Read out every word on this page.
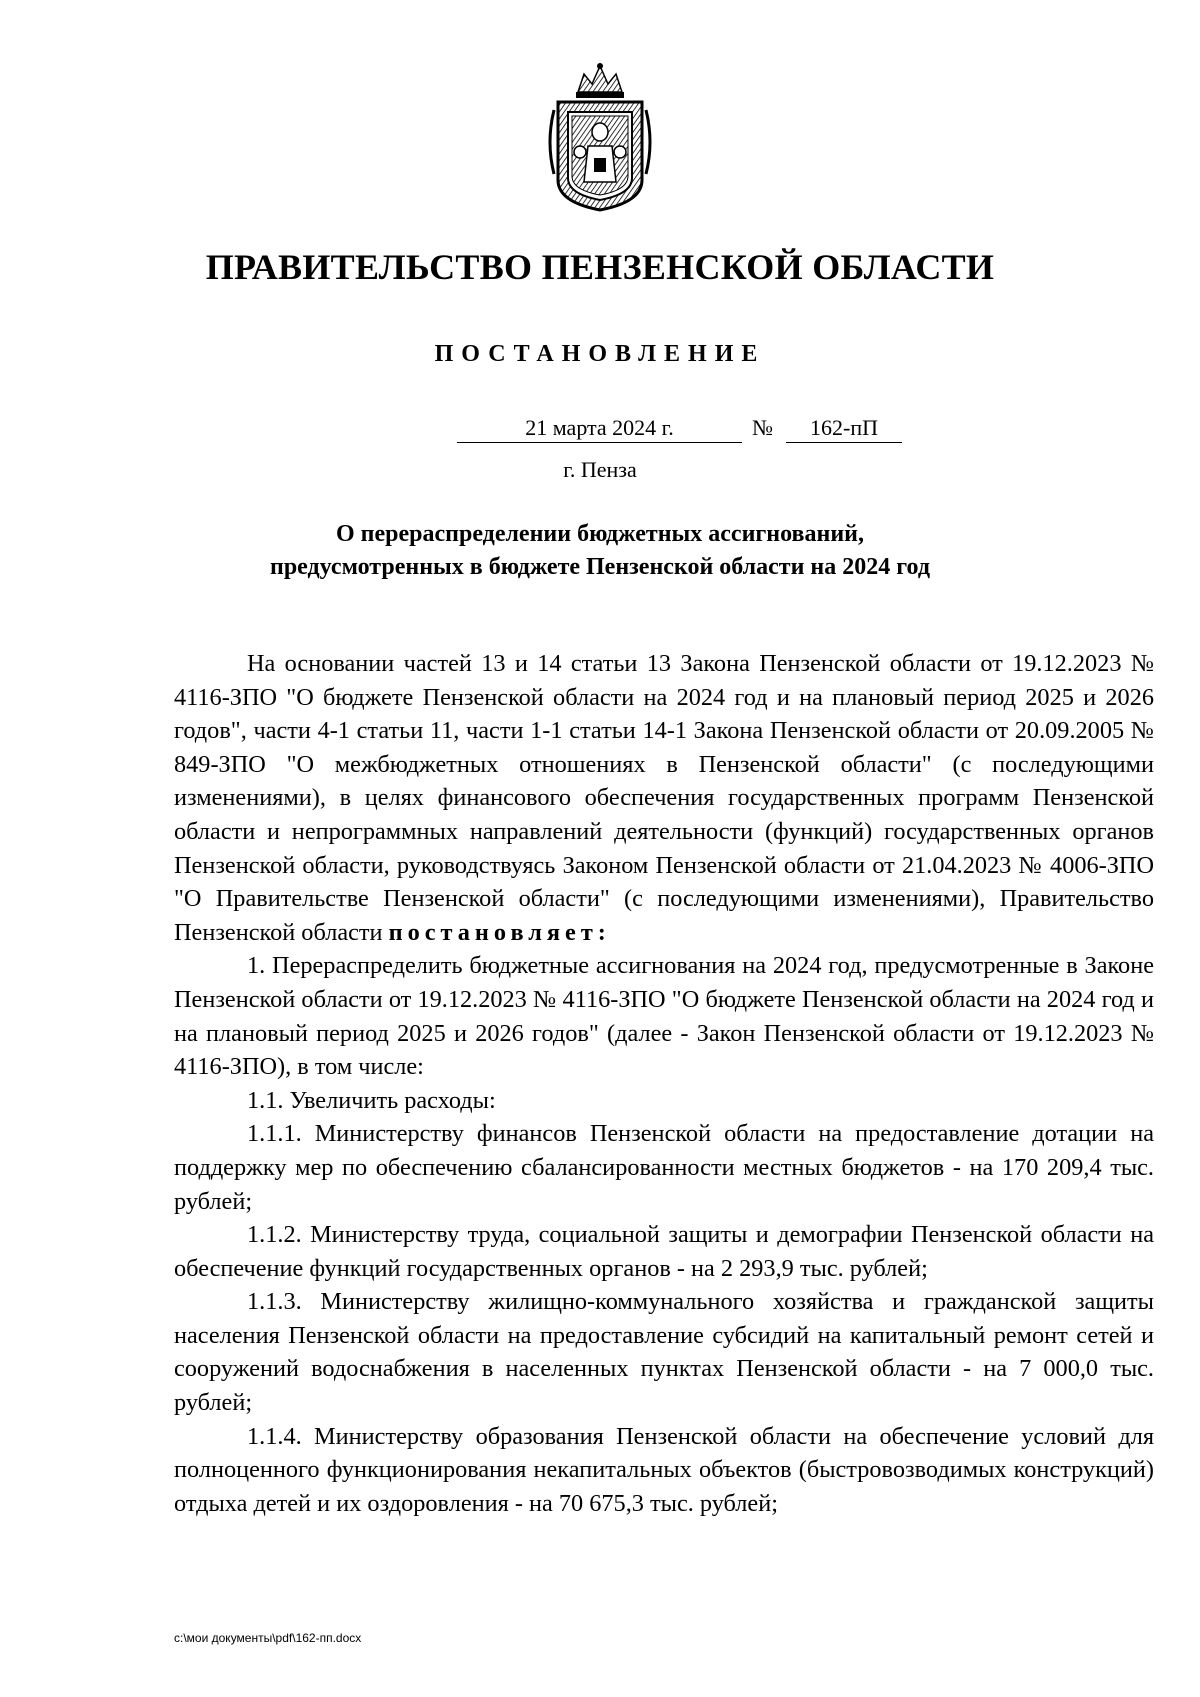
ПРАВИТЕЛЬСТВО ПЕНЗЕНСКОЙ ОБЛАСТИ
ПОСТАНОВЛЕНИЕ
21 марта 2024 г.	№	162-пП
г. Пенза
О перераспределении бюджетных ассигнований,
предусмотренных в бюджете Пензенской области на 2024 год

На основании частей 13 и 14 статьи 13 Закона Пензенской области от 19.12.2023 № 4116-ЗПО "О бюджете Пензенской области на 2024 год и на плановый период 2025 и 2026 годов", части 4-1 статьи 11, части 1-1 статьи 14-1 Закона Пензенской области от 20.09.2005 № 849-ЗПО "О межбюджетных отношениях в Пензенской области" (с последующими изменениями), в целях финансового обеспечения государственных программ Пензенской области и непрограммных направлений деятельности (функций) государственных органов Пензенской области, руководствуясь Законом Пензенской области от 21.04.2023 № 4006-ЗПО "О Правительстве Пензенской области" (с последующими изменениями), Правительство Пензенской области постановляет:

1. Перераспределить бюджетные ассигнования на 2024 год, предусмотренные в Законе Пензенской области от 19.12.2023 № 4116-ЗПО "О бюджете Пензенской области на 2024 год и на плановый период 2025 и 2026 годов" (далее - Закон Пензенской области от 19.12.2023 № 4116-ЗПО), в том числе:

1.1. Увеличить расходы:

1.1.1. Министерству финансов Пензенской области на предоставление дотации на поддержку мер по обеспечению сбалансированности местных бюджетов - на 170 209,4 тыс. рублей;

1.1.2. Министерству труда, социальной защиты и демографии Пензенской области на обеспечение функций государственных органов - на 2 293,9 тыс. рублей;

1.1.3. Министерству жилищно-коммунального хозяйства и гражданской защиты населения Пензенской области на предоставление субсидий на капитальный ремонт сетей и сооружений водоснабжения в населенных пунктах Пензенской области - на 7 000,0 тыс. рублей;

1.1.4. Министерству образования Пензенской области на обеспечение условий для полноценного функционирования некапитальных объектов (быстровозводимых конструкций) отдыха детей и их оздоровления - на 70 675,3 тыс. рублей;

c:\мои документы\pdf\162-пп.docx
